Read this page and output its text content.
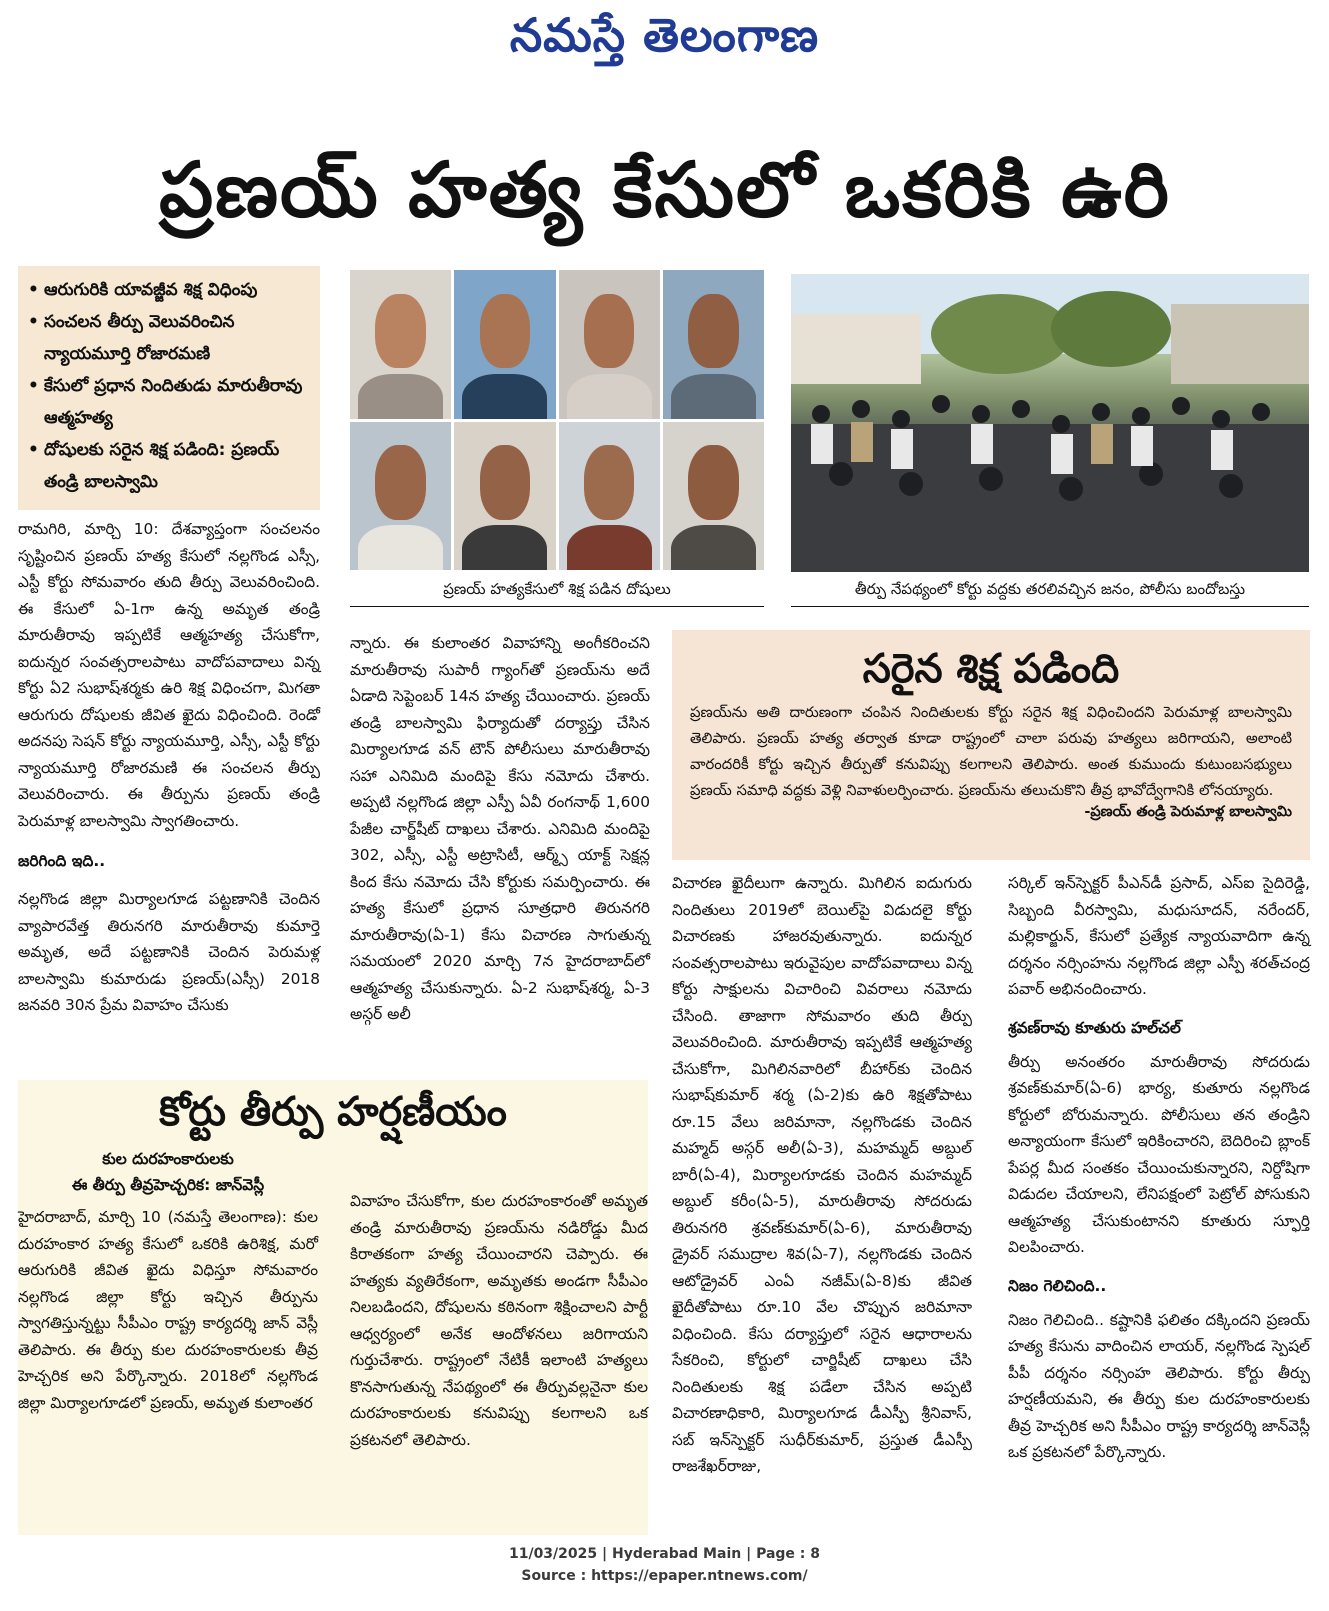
నమస్తే తెలంగాణ
ప్రణయ్ హత్య కేసులో ఒకరికి ఉరి
• ఆరుగురికి యావజ్జీవ శిక్ష విధింపు
• సంచలన తీర్పు వెలువరించిన న్యాయమూర్తి రోజారమణి
• కేసులో ప్రధాన నిందితుడు మారుతీరావు ఆత్మహత్య
• దోషులకు సరైన శిక్ష పడింది: ప్రణయ్ తండ్రి బాలస్వామి
ప్రణయ్ హత్యకేసులో శిక్ష పడిన దోషులు	తీర్పు నేపథ్యంలో కోర్టు వద్దకు తరలివచ్చిన జనం, పోలీసు బందోబస్తు

రామగిరి, మార్చి 10: దేశవ్యాప్తంగా సంచలనం సృష్టించిన ప్రణయ్ హత్య కేసులో నల్లగొండ ఎస్సీ, ఎస్టీ కోర్టు సోమవారం తుది తీర్పు వెలువరించింది. ఈ కేసులో ఏ-1గా ఉన్న అమృత తండ్రి మారుతీరావు ఇప్పటికే ఆత్మహత్య చేసుకోగా, ఐదున్నర సంవత్సరాలపాటు వాదోపవాదాలు విన్న కోర్టు ఏ2 సుభాష్‌శర్మకు ఉరి శిక్ష విధించగా, మిగతా ఆరుగురు దోషులకు జీవిత ఖైదు విధించింది. రెండో అదనపు సెషన్ కోర్టు న్యాయమూర్తి, ఎస్సీ, ఎస్టీ కోర్టు న్యాయమూర్తి రోజారమణి ఈ సంచలన తీర్పు వెలువరించారు. ఈ తీర్పును ప్రణయ్ తండ్రి పెరుమాళ్ల బాలస్వామి స్వాగతించారు.

జరిగింది ఇది..

నల్లగొండ జిల్లా మిర్యాలగూడ పట్టణానికి చెందిన వ్యాపారవేత్త తిరునగరి మారుతీరావు కుమార్తె అమృత, అదే పట్టణానికి చెందిన పెరుమళ్ల బాలస్వామి కుమారుడు ప్రణయ్(ఎస్సీ) 2018 జనవరి 30న ప్రేమ వివాహం చేసుకు

న్నారు. ఈ కులాంతర వివాహాన్ని అంగీకరించని మారుతీరావు సుపారీ గ్యాంగ్‌తో ప్రణయ్‌ను అదే ఏడాది సెప్టెంబర్ 14న హత్య చేయించారు. ప్రణయ్ తండ్రి బాలస్వామి ఫిర్యాదుతో దర్యాప్తు చేసిన మిర్యాలగూడ వన్ టౌన్ పోలీసులు మారుతీరావు సహా ఎనిమిది మందిపై కేసు నమోదు చేశారు. అప్పటి నల్లగొండ జిల్లా ఎస్పీ ఏవీ రంగనాథ్ 1,600 పేజీల చార్జ్‌షీట్ దాఖలు చేశారు. ఎనిమిది మందిపై 302, ఎస్సీ, ఎస్టీ అట్రాసిటీ, ఆర్మ్స్ యాక్ట్ సెక్షన్ల కింద కేసు నమోదు చేసి కోర్టుకు సమర్పించారు. ఈ హత్య కేసులో ప్రధాన సూత్రధారి తిరునగరి మారుతీరావు(ఏ-1) కేసు విచారణ సాగుతున్న సమయంలో 2020 మార్చి 7న హైదరాబాద్‌లో ఆత్మహత్య చేసుకున్నారు. ఏ-2 సుభాష్‌శర్మ, ఏ-3 అస్గర్ అలీ

సరైన శిక్ష పడింది

ప్రణయ్‌ను అతి దారుణంగా చంపిన నిందితులకు కోర్టు సరైన శిక్ష విధించిందని పెరుమాళ్ల బాలస్వామి తెలిపారు. ప్రణయ్ హత్య తర్వాత కూడా రాష్ట్రంలో చాలా పరువు హత్యలు జరిగాయని, అలాంటి వారందరికీ కోర్టు ఇచ్చిన తీర్పుతో కనువిప్పు కలగాలని తెలిపారు. అంత కుముందు కుటుంబసభ్యులు ప్రణయ్ సమాధి వద్దకు వెళ్లి నివాళులర్పించారు. ప్రణయ్‌ను తలుచుకొని తీవ్ర భావోద్వేగానికి లోనయ్యారు.

-ప్రణయ్ తండ్రి పెరుమాళ్ల బాలస్వామి

విచారణ ఖైదీలుగా ఉన్నారు. మిగిలిన ఐదుగురు నిందితులు 2019లో బెయిల్‌పై విడుదలై కోర్టు విచారణకు హాజరవుతున్నారు. ఐదున్నర సంవత్సరాలపాటు ఇరువైపుల వాదోపవాదాలు విన్న కోర్టు సాక్షులను విచారించి వివరాలు నమోదు చేసింది. తాజాగా సోమవారం తుది తీర్పు వెలువరించింది. మారుతీరావు ఇప్పటికే ఆత్మహత్య చేసుకోగా, మిగిలినవారిలో బీహార్‌కు చెందిన సుభాష్‌కుమార్ శర్మ (ఏ-2)కు ఉరి శిక్షతోపాటు రూ.15 వేలు జరిమానా, నల్లగొండకు చెందిన మహ్మద్ అస్గర్ అలీ(ఏ-3), మహమ్మద్ అబ్దుల్ బారీ(ఏ-4), మిర్యాలగూడకు చెందిన మహమ్మద్ అబ్దుల్ కరీం(ఏ-5), మారుతీరావు సోదరుడు తిరునగరి శ్రవణ్‌కుమార్(ఏ-6), మారుతీరావు డ్రైవర్ సముద్రాల శివ(ఏ-7), నల్లగొండకు చెందిన ఆటోడ్రైవర్ ఎంఏ నజీమ్(ఏ-8)కు జీవిత ఖైదీతోపాటు రూ.10 వేల చొప్పున జరిమానా విధించింది. కేసు దర్యాప్తులో సరైన ఆధారాలను సేకరించి, కోర్టులో చార్జిషీట్ దాఖలు చేసి నిందితులకు శిక్ష పడేలా చేసిన అప్పటి విచారణాధికారి, మిర్యాలగూడ డీఎస్పీ శ్రీనివాస్, సబ్ ఇన్‌స్పెక్టర్ సుధీర్‌కుమార్, ప్రస్తుత డీఎస్పీ రాజశేఖర్‌రాజు,

సర్కిల్ ఇన్‌స్పెక్టర్ పీఎన్‌డీ ప్రసాద్, ఎస్ఐ సైదిరెడ్డి, సిబ్బంది వీరస్వామి, మధుసూదన్, నరేందర్, మల్లికార్జున్, కేసులో ప్రత్యేక న్యాయవాదిగా ఉన్న దర్శనం నర్సింహను నల్లగొండ జిల్లా ఎస్పీ శరత్‌చంద్ర పవార్ అభినందించారు.

శ్రవణ్‌రావు కూతురు హల్‌చల్

తీర్పు అనంతరం మారుతీరావు సోదరుడు శ్రవణ్‌కుమార్(ఏ-6) భార్య, కుతూరు నల్లగొండ కోర్టులో బోరుమన్నారు. పోలీసులు తన తండ్రిని అన్యాయంగా కేసులో ఇరికించారని, బెదిరించి బ్లాంక్ పేపర్ల మీద సంతకం చేయించుకున్నారని, నిర్దోషిగా విడుదల చేయాలని, లేనిపక్షంలో పెట్రోల్ పోసుకుని ఆత్మహత్య చేసుకుంటానని కూతురు స్ఫూర్తి విలపించారు.

నిజం గెలిచింది..

నిజం గెలిచింది.. కష్టానికి ఫలితం దక్కిందని ప్రణయ్ హత్య కేసును వాదించిన లాయర్, నల్లగొండ స్పెషల్ పీపీ దర్శనం నర్సింహ తెలిపారు. కోర్టు తీర్పు హర్షణీయమని, ఈ తీర్పు కుల దురహంకారులకు తీవ్ర హెచ్చరిక అని సీపీఎం రాష్ట్ర కార్యదర్శి జాన్‌వెస్లీ ఒక ప్రకటనలో పేర్కొన్నారు.

కోర్టు తీర్పు హర్షణీయం

కుల దురహంకారులకు

ఈ తీర్పు తీవ్రహెచ్చరిక: జాన్‌వెస్లీ

హైదరాబాద్, మార్చి 10 (నమస్తే తెలంగాణ): కుల దురహంకార హత్య కేసులో ఒకరికి ఉరిశిక్ష, మరో ఆరుగురికి జీవిత ఖైదు విధిస్తూ సోమవారం నల్లగొండ జిల్లా కోర్టు ఇచ్చిన తీర్పును స్వాగతిస్తున్నట్టు సీపీఎం రాష్ట్ర కార్యదర్శి జాన్ వెస్లీ తెలిపారు. ఈ తీర్పు కుల దురహంకారులకు తీవ్ర హెచ్చరిక అని పేర్కొన్నారు. 2018లో నల్లగొండ జిల్లా మిర్యాలగూడలో ప్రణయ్, అమృత కులాంతర

వివాహం చేసుకోగా, కుల దురహంకారంతో అమృత తండ్రి మారుతీరావు ప్రణయ్‌ను నడిరోడ్డు మీద కిరాతకంగా హత్య చేయించారని చెప్పారు. ఈ హత్యకు వ్యతిరేకంగా, అమృతకు అండగా సీపీఎం నిలబడిందని, దోషులను కఠినంగా శిక్షించాలని పార్టీ ఆధ్వర్యంలో అనేక ఆందోళనలు జరిగాయని గుర్తుచేశారు. రాష్ట్రంలో నేటికీ ఇలాంటి హత్యలు కొనసాగుతున్న నేపథ్యంలో ఈ తీర్పువల్లనైనా కుల దురహంకారులకు కనువిప్పు కలగాలని ఒక ప్రకటనలో తెలిపారు.

11/03/2025 | Hyderabad Main | Page : 8
Source : https://epaper.ntnews.com/
